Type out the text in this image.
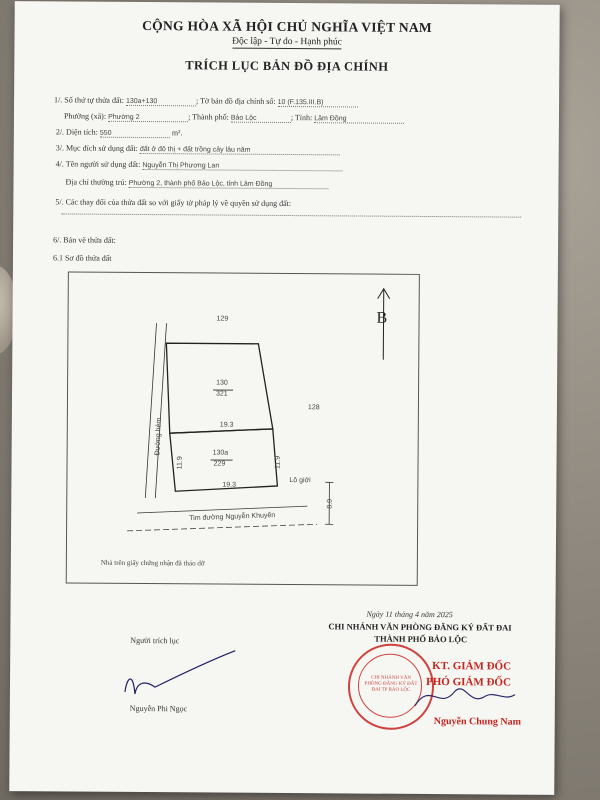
CỘNG HÒA XÃ HỘI CHỦ NGHĨA VIỆT NAM
Độc lập - Tự do - Hạnh phúc
TRÍCH LỤC BẢN ĐỒ ĐỊA CHÍNH
1/. Số thứ tự thửa đất: 130a+130	; Tờ bản đồ địa chính số: 10 (F.135.III.B)
Phường (xã): Phường 2	; Thành phố: Bảo Lộc	; Tỉnh: Lâm Đồng
2/. Diện tích: 550	m².
3/. Mục đích sử dụng đất: đất ở đô thị + đất trồng cây lâu năm
4/. Tên người sử dụng đất: Nguyễn Thị Phương Lan
Địa chỉ thường trú: Phường 2, thành phố Bảo Lộc, tỉnh Lâm Đồng
5/. Các thay đổi của thửa đất so với giấy tờ pháp lý về quyền sử dụng đất:
6/. Bản vẽ thửa đất:
6.1 Sơ đồ thửa đất
B
129
128
130
321
130a
229
19.3
19.3
11.9	11.9
Đường hẻm
Lô giới
8.0
Tim đường Nguyễn Khuyến
Nhà trên giấy chứng nhận đã tháo dỡ
Ngày 11 tháng 4 năm 2025
CHI NHÁNH VĂN PHÒNG ĐĂNG KÝ ĐẤT ĐAI
THÀNH PHỐ BẢO LỘC
CHI NHÁNH VĂN PHÒNG ĐĂNG KÝ ĐẤT ĐAI TP BẢO LỘC
KT. GIÁM ĐỐC
PHÓ GIÁM ĐỐC
Nguyễn Chung Nam
Người trích lục
Nguyễn Phi Ngọc
